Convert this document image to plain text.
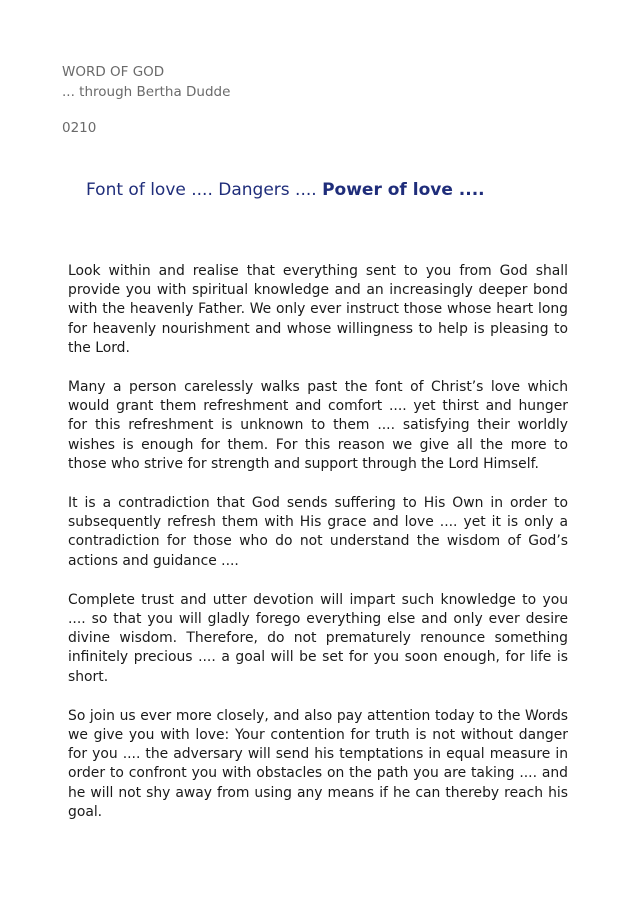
WORD OF GOD
... through Bertha Dudde
0210
Font of love .... Dangers .... Power of love ....

Look within and realise that everything sent to you from God shall provide you with spiritual knowledge and an increasingly deeper bond with the heavenly Father. We only ever instruct those whose heart long for heavenly nourishment and whose willingness to help is pleasing to the Lord.

Many a person carelessly walks past the font of Christ’s love which would grant them refreshment and comfort .... yet thirst and hunger for this refreshment is unknown to them .... satisfying their worldly wishes is enough for them. For this reason we give all the more to those who strive for strength and support through the Lord Himself.

It is a contradiction that God sends suffering to His Own in order to subsequently refresh them with His grace and love .... yet it is only a contradiction for those who do not understand the wisdom of God’s actions and guidance ....

Complete trust and utter devotion will impart such knowledge to you .... so that you will gladly forego everything else and only ever desire divine wisdom. Therefore, do not prematurely renounce something infinitely precious .... a goal will be set for you soon enough, for life is short.

So join us ever more closely, and also pay attention today to the Words we give you with love: Your contention for truth is not without danger for you .... the adversary will send his temptations in equal measure in order to confront you with obstacles on the path you are taking .... and he will not shy away from using any means if he can thereby reach his goal.
